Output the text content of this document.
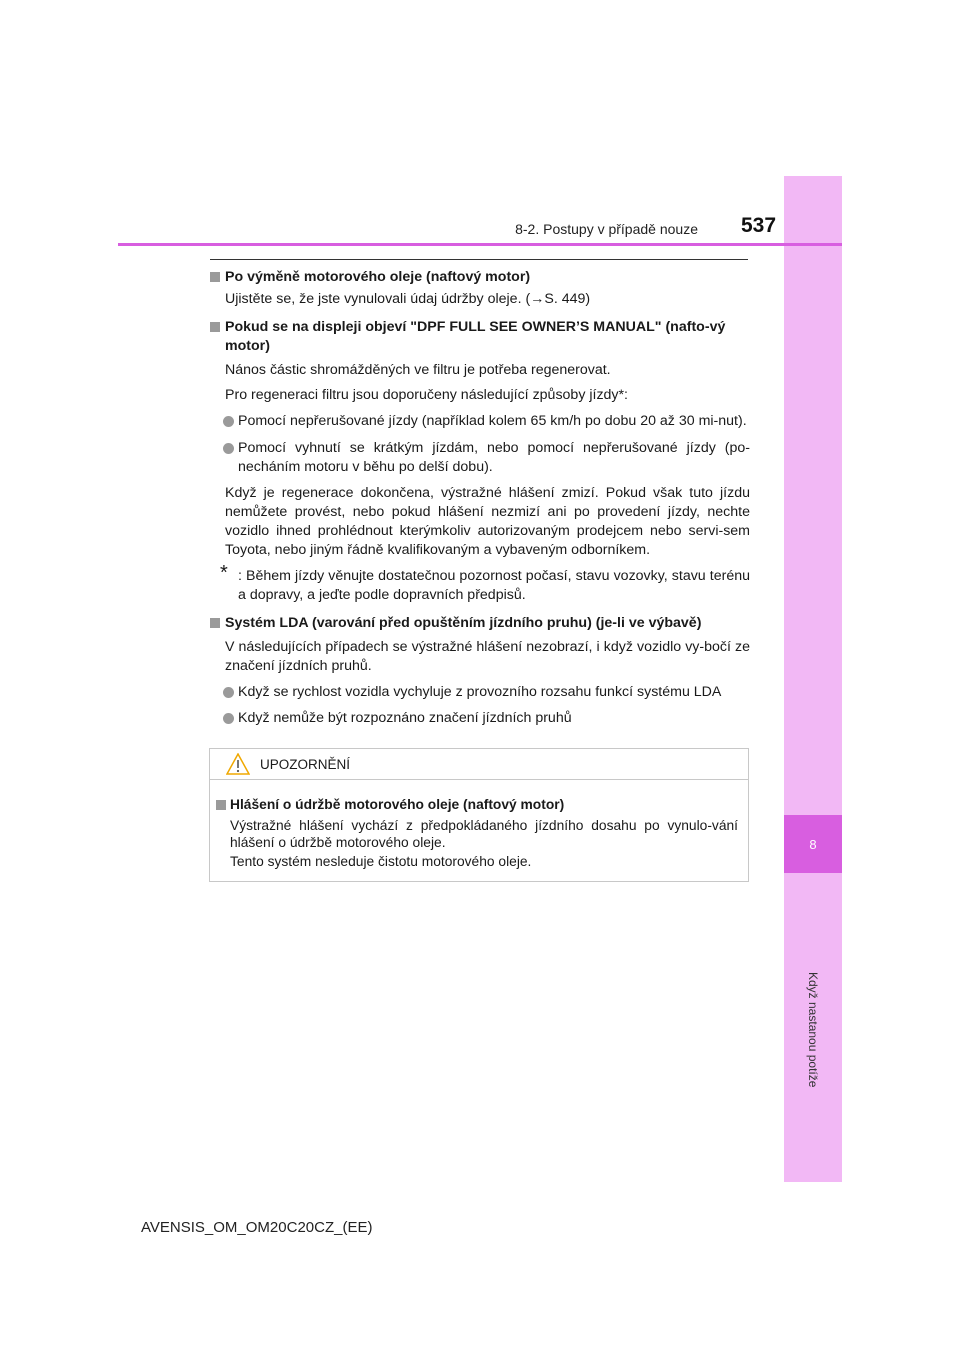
8
Když nastanou potíže
8-2. Postupy v případě nouze 537
Po výměně motorového oleje (naftový motor)
Ujistěte se, že jste vynulovali údaj údržby oleje. (→S. 449)
Pokud se na displeji objeví "DPF FULL SEE OWNER’S MANUAL" (nafto-vý motor)
Nános částic shromážděných ve filtru je potřeba regenerovat.
Pro regeneraci filtru jsou doporučeny následující způsoby jízdy*:
Pomocí nepřerušované jízdy (například kolem 65 km/h po dobu 20 až 30 mi-nut).
Pomocí vyhnutí se krátkým jízdám, nebo pomocí nepřerušované jízdy (po-necháním motoru v běhu po delší dobu).
Když je regenerace dokončena, výstražné hlášení zmizí. Pokud však tuto jízdu nemůžete provést, nebo pokud hlášení nezmizí ani po provedení jízdy, nechte vozidlo ihned prohlédnout kterýmkoliv autorizovaným prodejcem nebo servi-sem Toyota, nebo jiným řádně kvalifikovaným a vybaveným odborníkem.
* : Během jízdy věnujte dostatečnou pozornost počasí, stavu vozovky, stavu terénu a dopravy, a jeďte podle dopravních předpisů.
Systém LDA (varování před opuštěním jízdního pruhu) (je-li ve výbavě)
V následujících případech se výstražné hlášení nezobrazí, i když vozidlo vy-bočí ze značení jízdních pruhů.
Když se rychlost vozidla vychyluje z provozního rozsahu funkcí systému LDA
Když nemůže být rozpoznáno značení jízdních pruhů
UPOZORNĚNÍ
Hlášení o údržbě motorového oleje (naftový motor)
Výstražné hlášení vychází z předpokládaného jízdního dosahu po vynulo-vání hlášení o údržbě motorového oleje.
Tento systém nesleduje čistotu motorového oleje.
AVENSIS_OM_OM20C20CZ_(EE)
